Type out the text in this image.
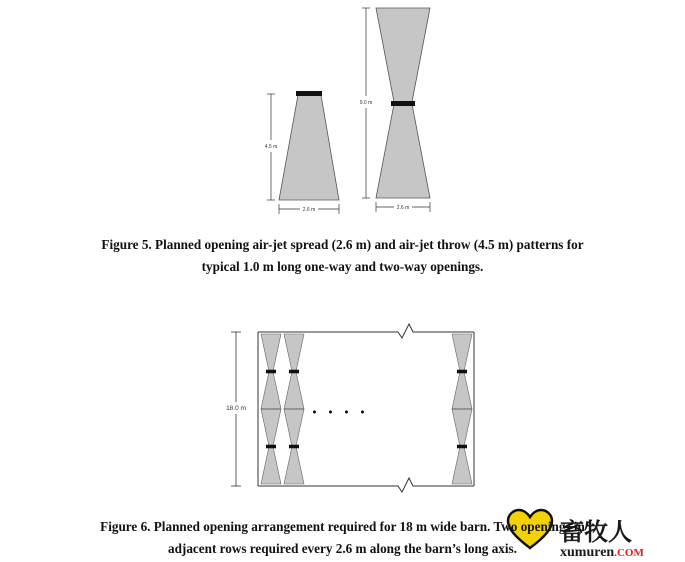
4.5 m
2.6 m
9.0 m
2.6 m
18.0 m	• • • •
畜牧人
xumuren.COM

Figure 5. Planned opening air-jet spread (2.6 m) and air-jet throw (4.5 m) patterns for
typical 1.0 m long one-way and two-way openings.

Figure 6. Planned opening arrangement required for 18 m wide barn. Two openings in
adjacent rows required every 2.6 m along the barn’s long axis.
